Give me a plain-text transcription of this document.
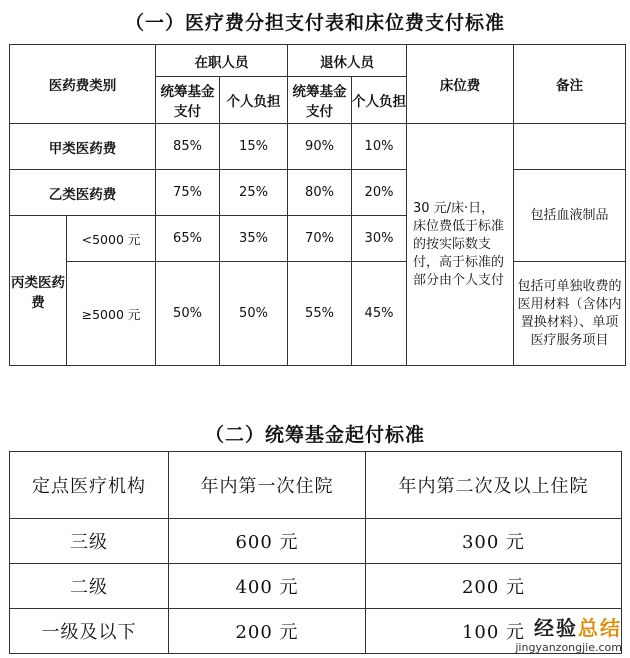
（一）医疗费分担支付表和床位费支付标准
医药费类别		在职人员		退休人员		床位费	备注
		统筹基金支付	个人负担	统筹基金支付	个人负担		
甲类医药费		85%	15%	90%	10%	30 元/床·日，床位费低于标准的按实际数支付，高于标准的部分由个人支付	
乙类医药费		75%	25%	80%	20%		包括血液制品
丙类医药费	<5000 元	65%	35%	70%	30%		
	≥5000 元	50%	50%	55%	45%		包括可单独收费的医用材料（含体内置换材料）、单项医疗服务项目
（二）统筹基金起付标准
定点医疗机构	年内第一次住院	年内第二次及以上住院
三级	600 元	300 元
二级	400 元	200 元
一级及以下	200 元	100 元 经验总结
jingyanzongjie.com
